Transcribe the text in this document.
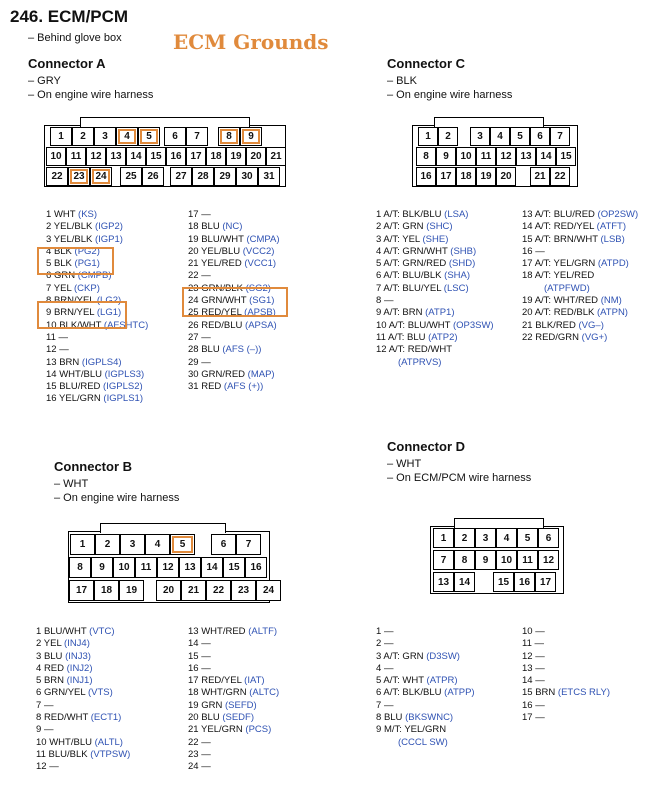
246. ECM/PCM
– Behind glove box	ECM Grounds
Connector A
– GRY
– On engine wire harness
1	2	3	4	5	6	7	8	9
10 11 12 13 14 15 16 17 18 19 20 21
22	23	24	25	26	27	28	29	30	31
1 WHT (KS)
2 YEL/BLK (IGP2)
3 YEL/BLK (IGP1)
4 BLK (PG2)
5 BLK (PG1)
6 GRN (CMPB)
7 YEL (CKP)
8 BRN/YEL (LG2)
9 BRN/YEL (LG1)
10 BLK/WHT (AFSHTC)
11 —
12 —
13 BRN (IGPLS4)
14 WHT/BLU (IGPLS3)
15 BLU/RED (IGPLS2)
16 YEL/GRN (IGPLS1)
17 —
18 BLU (NC)
19 BLU/WHT (CMPA)
20 YEL/BLU (VCC2)
21 YEL/RED (VCC1)
22 —
23 GRN/BLK (SG2)
24 GRN/WHT (SG1)
25 RED/YEL (APSB)
26 RED/BLU (APSA)
27 —
28 BLU (AFS (–))
29 —
30 GRN/RED (MAP)
31 RED (AFS (+))
Connector C
– BLK
– On engine wire harness
1	2	3	4	5	6	7
8	9	10 11 12 13 14 15
16 17 18 19 20	21 22
1 A/T: BLK/BLU (LSA)
2 A/T: GRN (SHC)
3 A/T: YEL (SHE)
4 A/T: GRN/WHT (SHB)
5 A/T: GRN/RED (SHD)
6 A/T: BLU/BLK (SHA)
7 A/T: BLU/YEL (LSC)
8 —
9 A/T: BRN (ATP1)
10 A/T: BLU/WHT (OP3SW)
11 A/T: BLU (ATP2)
12 A/T: RED/WHT
(ATPRVS)
13 A/T: BLU/RED (OP2SW)
14 A/T: RED/YEL (ATFT)
15 A/T: BRN/WHT (LSB)
16 —
17 A/T: YEL/GRN (ATPD)
18 A/T: YEL/RED
(ATPFWD)
19 A/T: WHT/RED (NM)
20 A/T: RED/BLK (ATPN)
21 BLK/RED (VG–)
22 RED/GRN (VG+)
Connector B
– WHT
– On engine wire harness
1	2	3	4	5	6	7
8	9	10	11	12	13	14	15	16
17	18	19	20	21	22	23	24
1 BLU/WHT (VTC)
2 YEL (INJ4)
3 BLU (INJ3)
4 RED (INJ2)
5 BRN (INJ1)
6 GRN/YEL (VTS)
7 —
8 RED/WHT (ECT1)
9 —
10 WHT/BLU (ALTL)
11 BLU/BLK (VTPSW)
12 —
13 WHT/RED (ALTF)
14 —
15 —
16 —
17 RED/YEL (IAT)
18 WHT/GRN (ALTC)
19 GRN (SEFD)
20 BLU (SEDF)
21 YEL/GRN (PCS)
22 —
23 —
24 —
Connector D
– WHT
– On ECM/PCM wire harness
1	2	3	4	5	6
7	8	9	10	11	12
13 14	15 16 17
1 —
2 —
3 A/T: GRN (D3SW)
4 —
5 A/T: WHT (ATPR)
6 A/T: BLK/BLU (ATPP)
7 —
8 BLU (BKSWNC)
9 M/T: YEL/GRN
(CCCL SW)
10 —
11 —
12 —
13 —
14 —
15 BRN (ETCS RLY)
16 —
17 —
